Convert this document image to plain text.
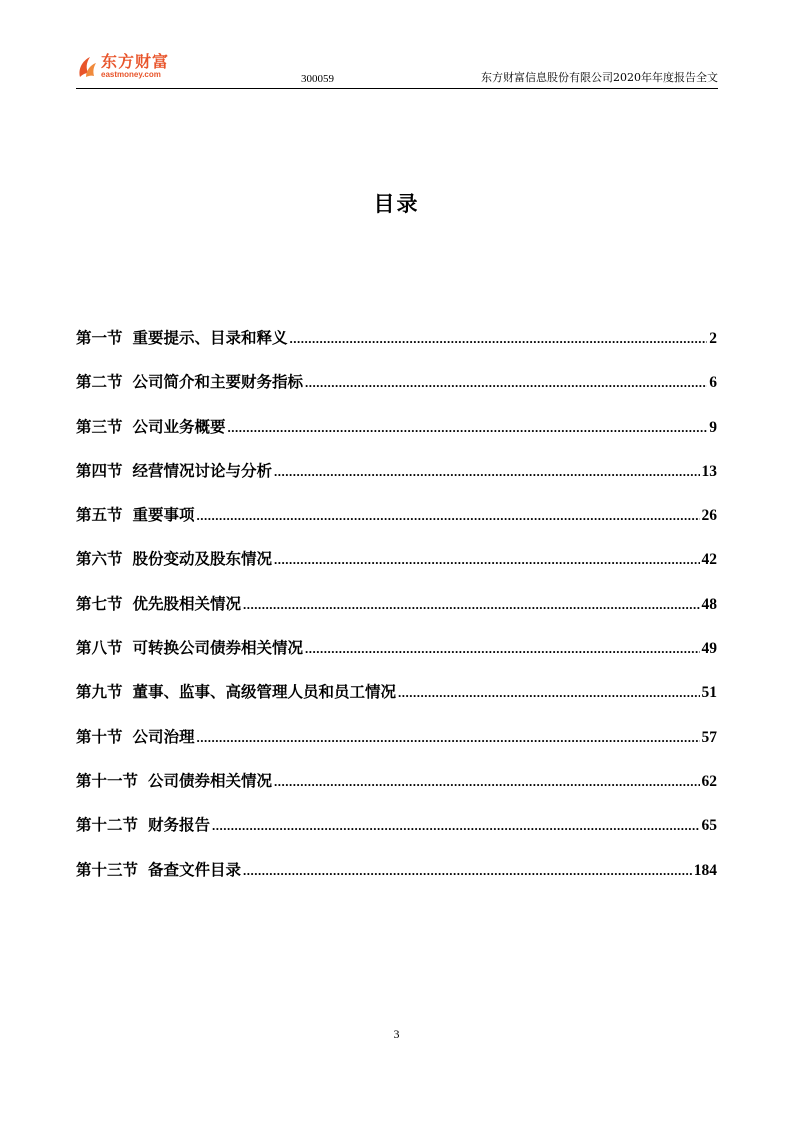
东方财富
eastmoney.com	300059	东方财富信息股份有限公司2020年年度报告全文
目录
第一节 重要提示、目录和释义 .....	2
第二节 公司简介和主要财务指标 .....	6
第三节 公司业务概要 .....	9
第四节 经营情况讨论与分析 .....	13
第五节 重要事项 .....	26
第六节 股份变动及股东情况 .....	42
第七节 优先股相关情况 .....	48
第八节 可转换公司债券相关情况 .....	49
第九节 董事、监事、高级管理人员和员工情况 .....	51
第十节 公司治理 .....	57
第十一节 公司债券相关情况 .....	62
第十二节 财务报告 .....	65
第十三节 备查文件目录 .....	184
3
